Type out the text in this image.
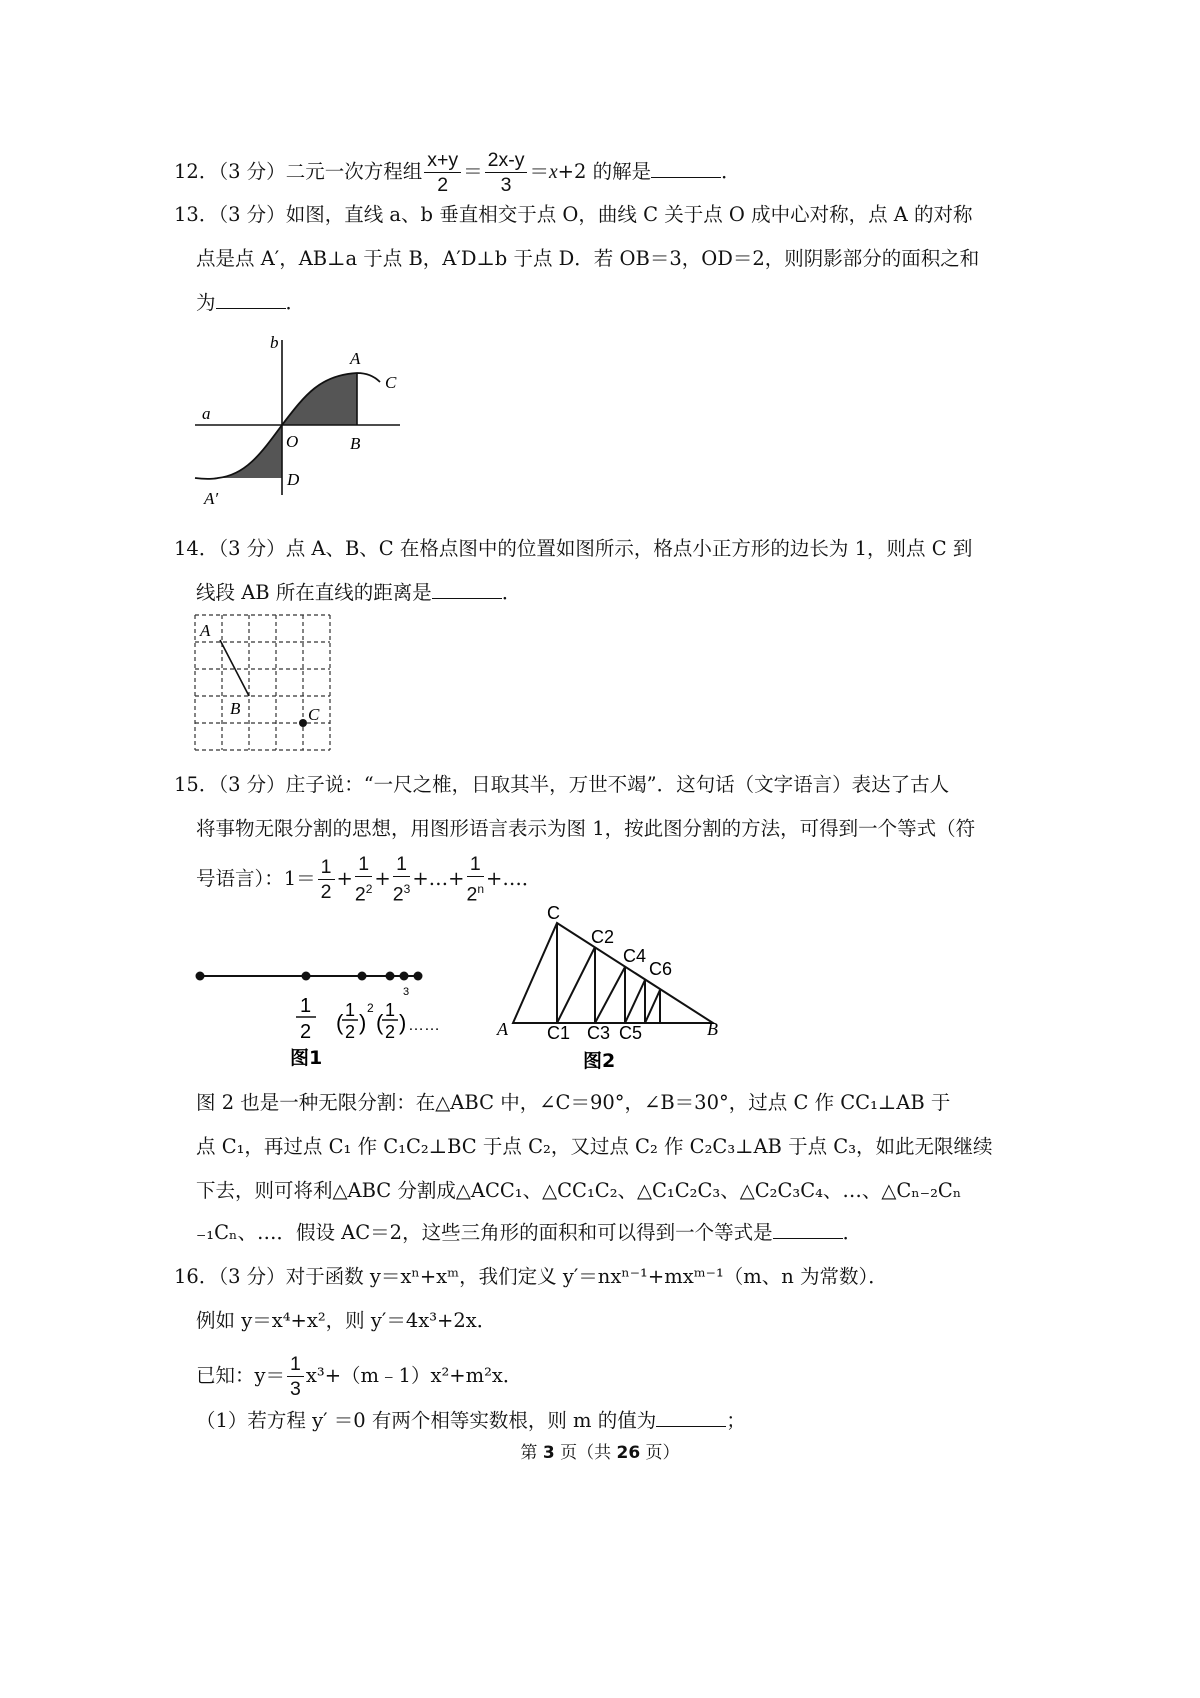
12．（3 分）二元一次方程组 $\frac{x+y}{2} = \frac{2x-y}{3} =x+2$ 的解是	．
13．（3 分）如图，直线 a、b 垂直相交于点 O，曲线 C 关于点 O 成中心对称，点 A 的对称
点是点 A′，AB⊥a 于点 B，A′D⊥b 于点 D．若 OB＝3，OD＝2，则阴影部分的面积之和
为	．
b
A
C
a
O	B
D
A′
14．（3 分）点 A、B、C 在格点图中的位置如图所示，格点小正方形的边长为 1，则点 C 到
线段 AB 所在直线的距离是	．
A
B	C
15．（3 分）庄子说：“一尺之椎，日取其半，万世不竭”．这句话（文字语言）表达了古人
将事物无限分割的思想，用图形语言表示为图 1，按此图分割的方法，可得到一个等式（符
号语言）：$1= \frac{1}{2} + \frac{1}{2^2} + \frac{1}{2^3}$ +…+ $\frac{1}{2^n}$ +…．
1
2 ( 1
2 )
2
( 1
2 )
3
……
图1
C
C2
C4
C6
A C1 C3 C5	B
图2
图 2 也是一种无限分割：在△ABC 中，∠C＝90°，∠B＝30°，过点 C 作 CC₁⊥AB 于
点 C₁，再过点 C₁ 作 C₁C₂⊥BC 于点 C₂，又过点 C₂ 作 C₂C₃⊥AB 于点 C₃，如此无限继续
下去，则可将利△ABC 分割成△ACC₁、△CC₁C₂、△C₁C₂C₃、△C₂C₃C₄、…、△Cₙ₋₂Cₙ
₋₁Cₙ、…．假设 AC＝2，这些三角形的面积和可以得到一个等式是	．
16．（3 分）对于函数 y＝xⁿ+xᵐ，我们定义 y′＝nxⁿ⁻¹+mxᵐ⁻¹（m、n 为常数）．
例如 y＝x⁴+x²，则 y′＝4x³+2x．
已知：$y= \frac{1}{3}$ x³+（m﹣1）x²+m²x．
（1）若方程 y′ ＝0 有两个相等实数根，则 m 的值为	；
第 3 页（共 26 页）
